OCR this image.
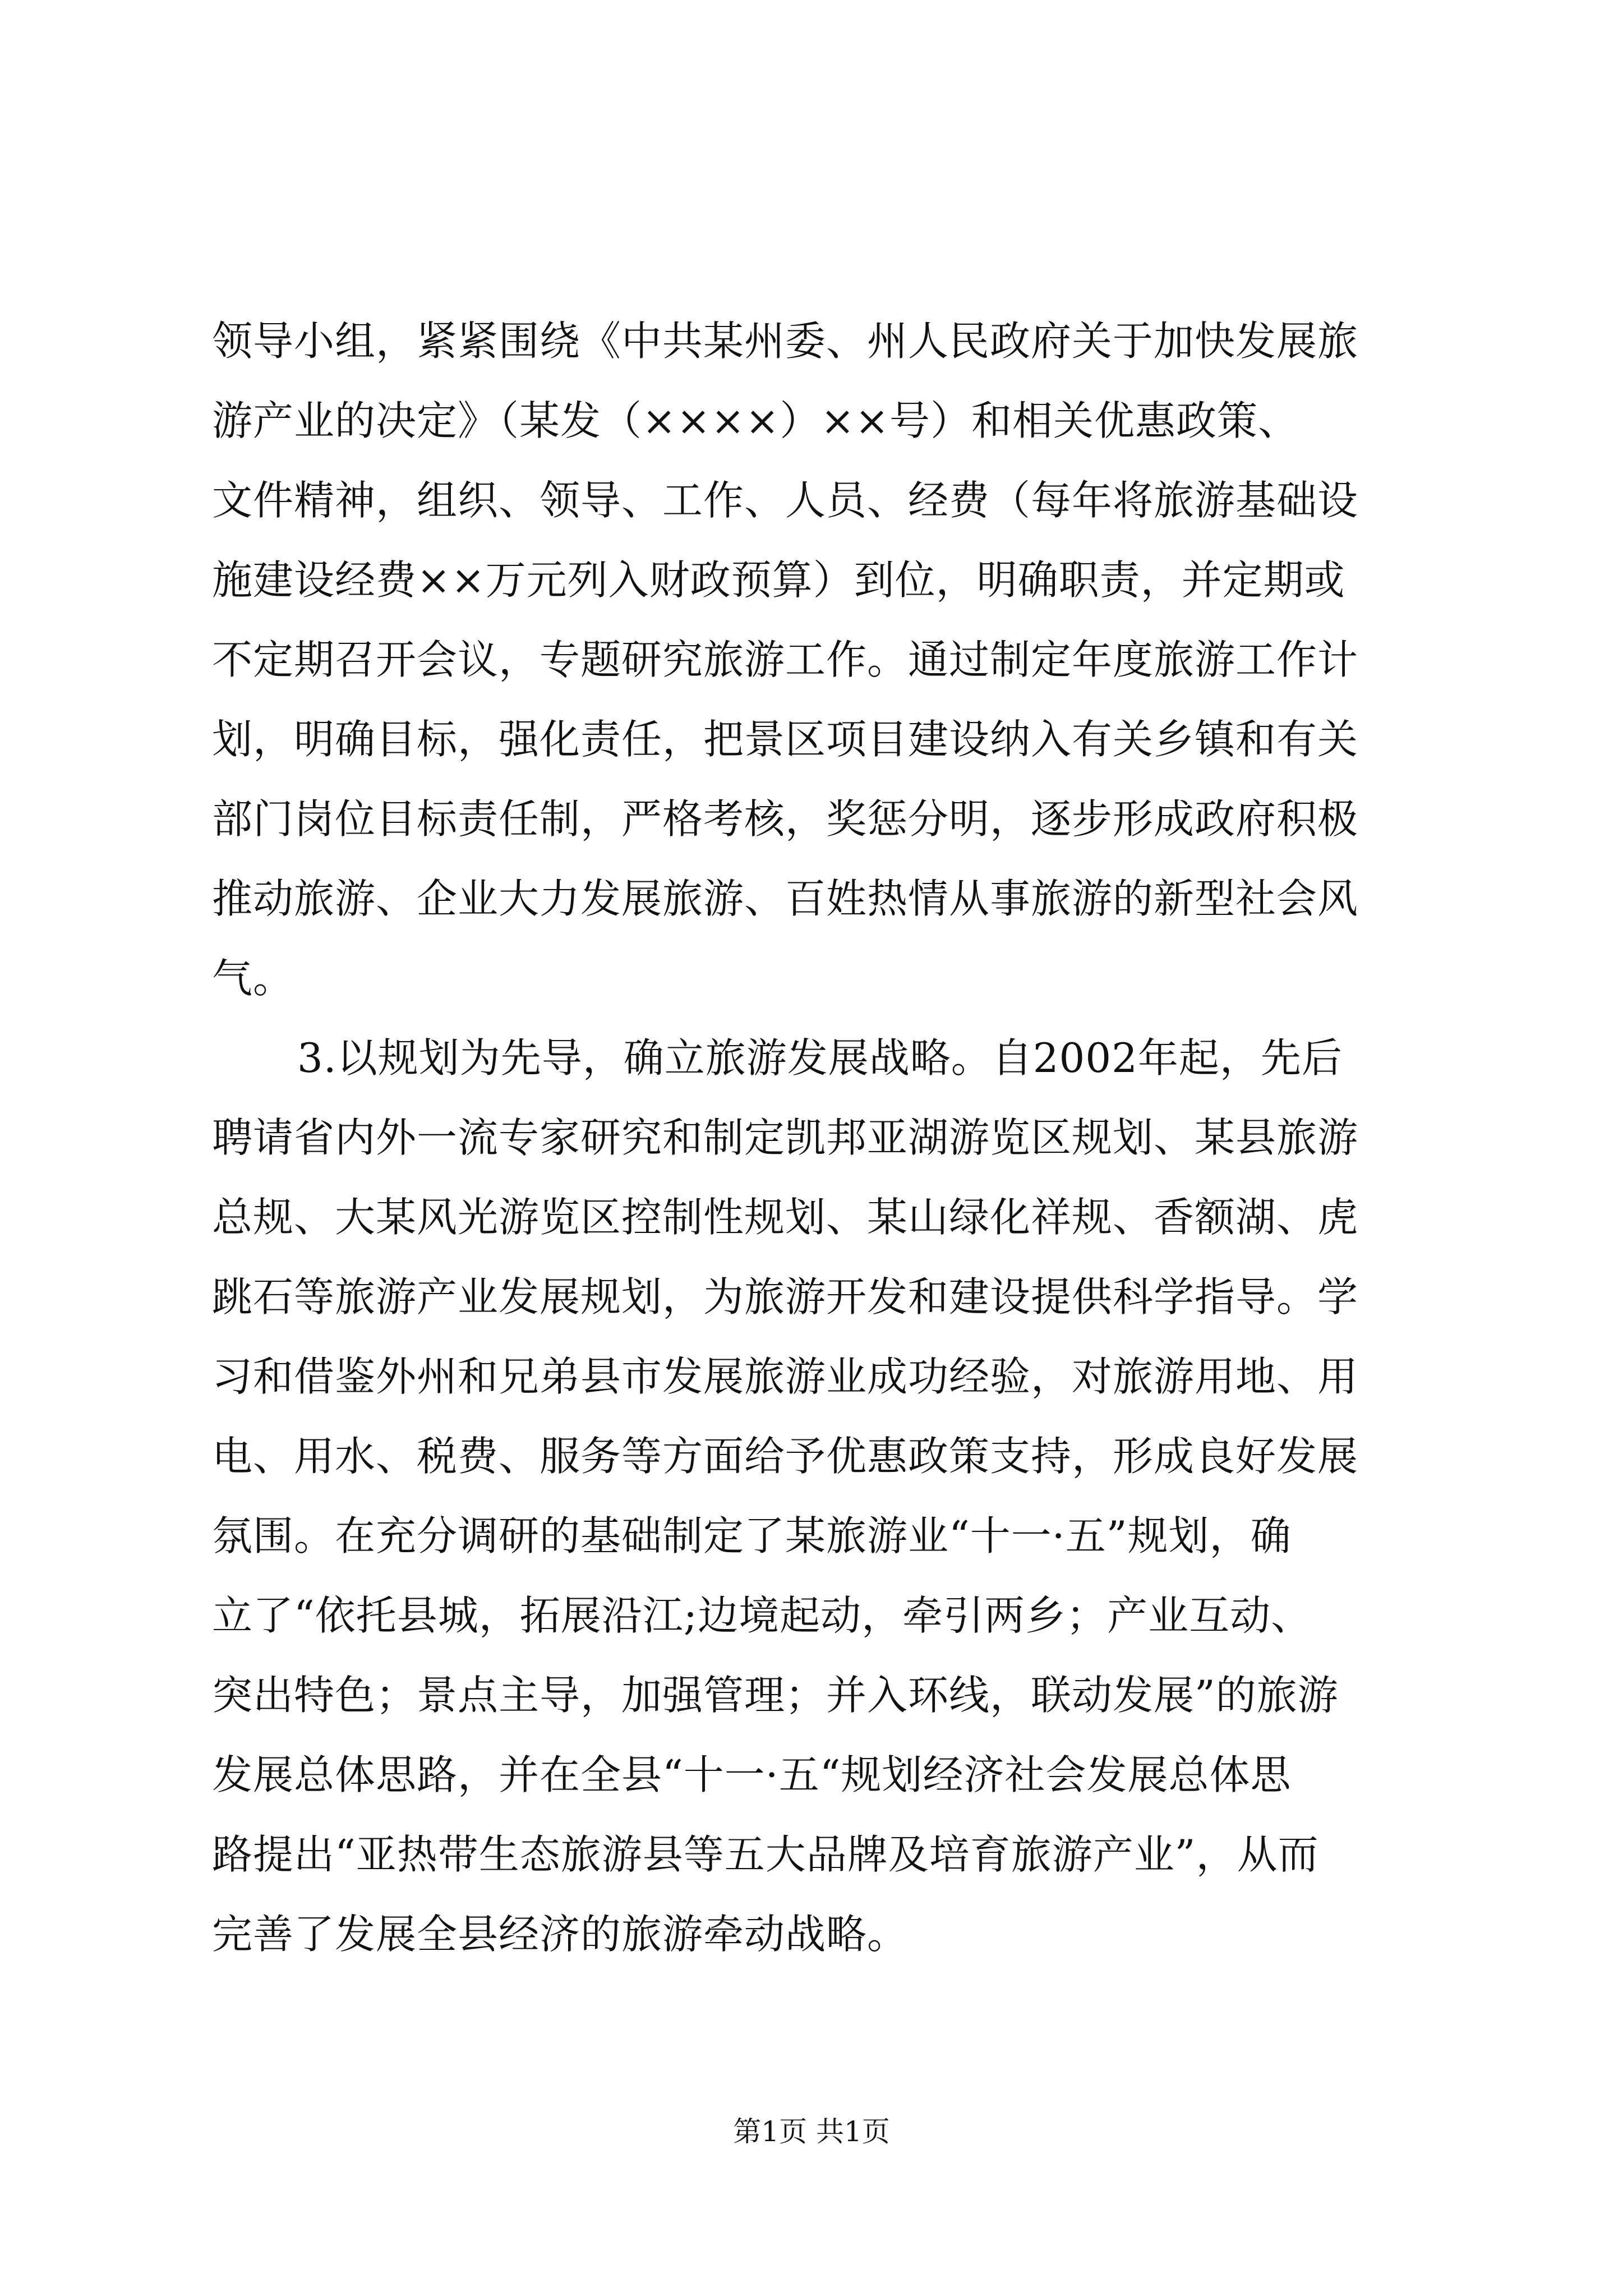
领导小组，紧紧围绕《中共某州委、州人民政府关于加快发展旅
游产业的决定》（某发（××××）××号）和相关优惠政策、
文件精神，组织、领导、工作、人员、经费（每年将旅游基础设
施建设经费××万元列入财政预算）到位，明确职责，并定期或
不定期召开会议，专题研究旅游工作。通过制定年度旅游工作计
划，明确目标，强化责任，把景区项目建设纳入有关乡镇和有关
部门岗位目标责任制，严格考核，奖惩分明，逐步形成政府积极
推动旅游、企业大力发展旅游、百姓热情从事旅游的新型社会风
气。
3.以规划为先导，确立旅游发展战略。自2002年起，先后
聘请省内外一流专家研究和制定凯邦亚湖游览区规划、某县旅游
总规、大某风光游览区控制性规划、某山绿化祥规、香额湖、虎
跳石等旅游产业发展规划，为旅游开发和建设提供科学指导。学
习和借鉴外州和兄弟县市发展旅游业成功经验，对旅游用地、用
电、用水、税费、服务等方面给予优惠政策支持，形成良好发展
氛围。在充分调研的基础制定了某旅游业“十一·五”规划，确
立了“依托县城，拓展沿江;边境起动，牵引两乡；产业互动、
突出特色；景点主导，加强管理；并入环线，联动发展”的旅游
发展总体思路，并在全县“十一·五“规划经济社会发展总体思
路提出“亚热带生态旅游县等五大品牌及培育旅游产业”，从而
完善了发展全县经济的旅游牵动战略。
第1页 共1页
